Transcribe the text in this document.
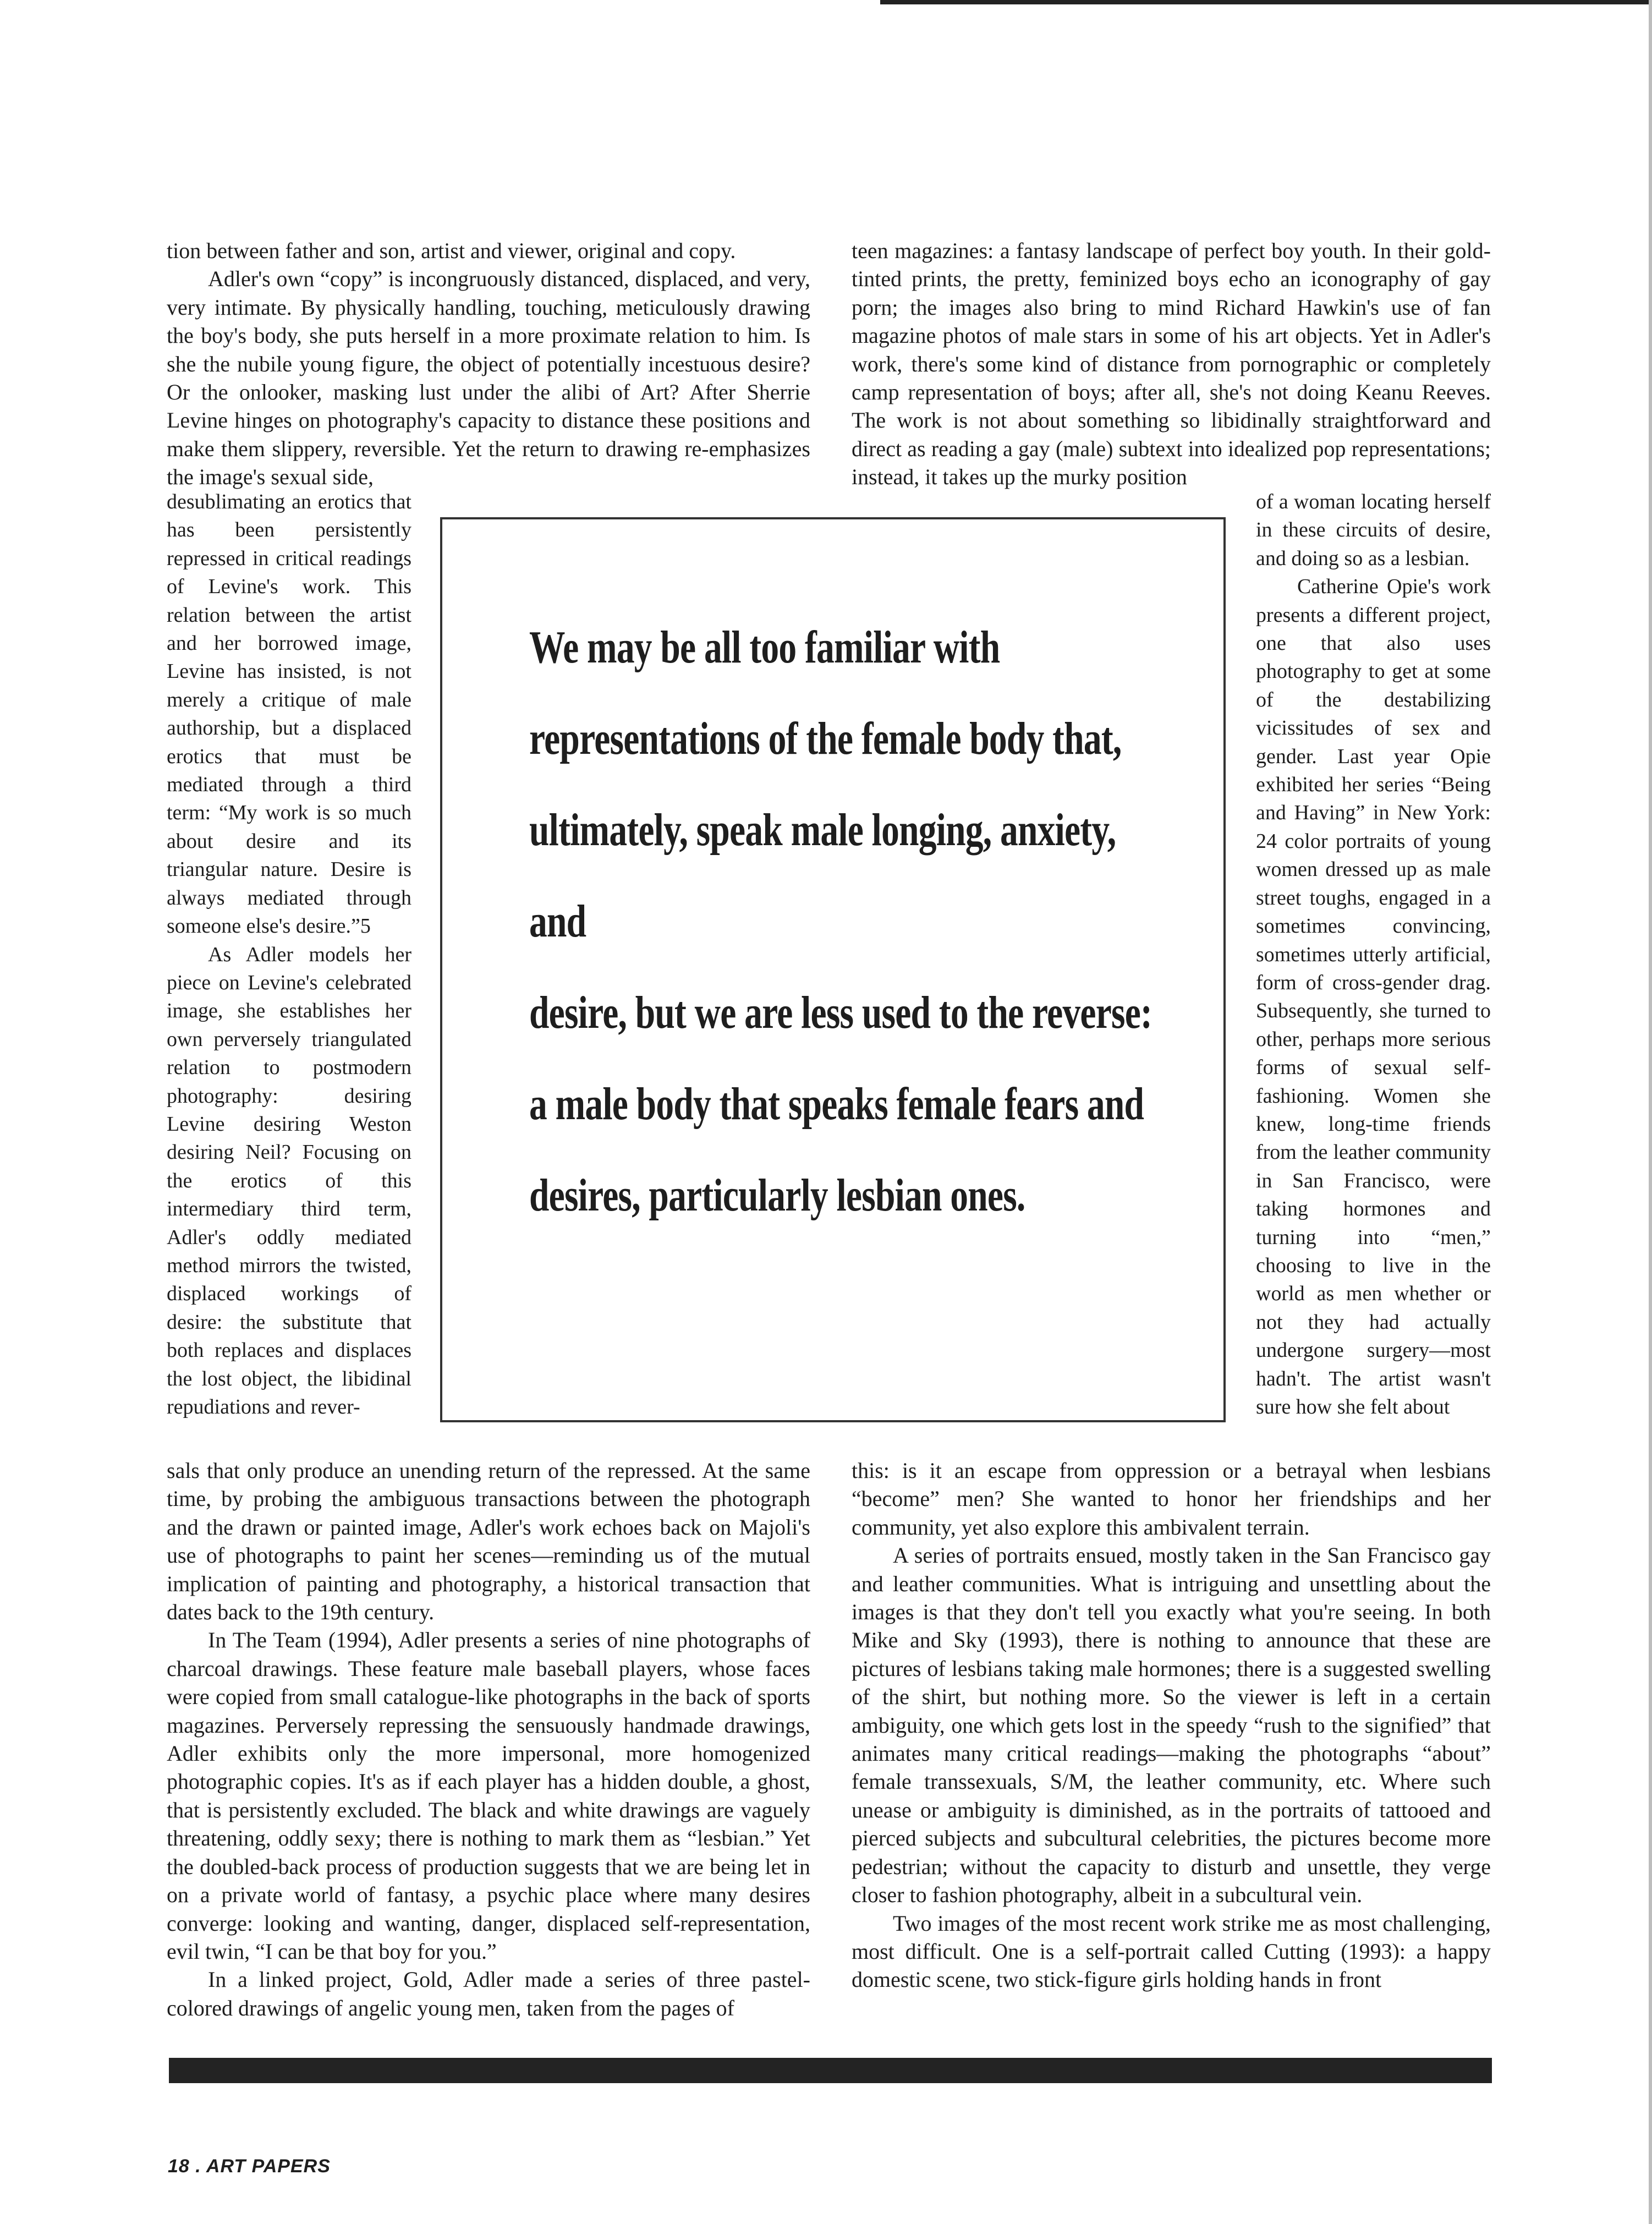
tion between father and son, artist and viewer, original and copy.

Adler's own “copy” is incongruously distanced, displaced, and very, very intimate. By physically handling, touching, meticulously drawing the boy's body, she puts herself in a more proximate relation to him. Is she the nubile young figure, the object of potentially incestuous desire? Or the onlooker, masking lust under the alibi of Art? After Sherrie Levine hinges on photography's capacity to distance these positions and make them slippery, reversible. Yet the return to drawing re-emphasizes the image's sexual side,

desublimating an erotics that has been persistently repressed in critical readings of Levine's work. This relation between the artist and her borrowed image, Levine has insisted, is not merely a critique of male authorship, but a displaced erotics that must be mediated through a third term: “My work is so much about desire and its triangular nature. Desire is always mediated through someone else's desire.”5

As Adler models her piece on Levine's celebrated image, she establishes her own perversely triangulated relation to postmodern photography: desiring Levine desiring Weston desiring Neil? Focusing on the erotics of this intermediary third term, Adler's oddly mediated method mirrors the twisted, displaced workings of desire: the substitute that both replaces and displaces the lost object, the libidinal repudiations and rever-

sals that only produce an unending return of the repressed. At the same time, by probing the ambiguous transactions between the photograph and the drawn or painted image, Adler's work echoes back on Majoli's use of photographs to paint her scenes—reminding us of the mutual implication of painting and photography, a historical transaction that dates back to the 19th century.

In The Team (1994), Adler presents a series of nine photographs of charcoal drawings. These feature male baseball players, whose faces were copied from small catalogue-like photographs in the back of sports magazines. Perversely repressing the sensuously handmade drawings, Adler exhibits only the more impersonal, more homogenized photographic copies. It's as if each player has a hidden double, a ghost, that is persistently excluded. The black and white drawings are vaguely threatening, oddly sexy; there is nothing to mark them as “lesbian.” Yet the doubled-back process of production suggests that we are being let in on a private world of fantasy, a psychic place where many desires converge: looking and wanting, danger, displaced self-representation, evil twin, “I can be that boy for you.”

In a linked project, Gold, Adler made a series of three pastel-colored drawings of angelic young men, taken from the pages of

teen magazines: a fantasy landscape of perfect boy youth. In their gold-tinted prints, the pretty, feminized boys echo an iconography of gay porn; the images also bring to mind Richard Hawkin's use of fan magazine photos of male stars in some of his art objects. Yet in Adler's work, there's some kind of distance from pornographic or completely camp representation of boys; after all, she's not doing Keanu Reeves. The work is not about something so libidinally straightforward and direct as reading a gay (male) subtext into idealized pop representations; instead, it takes up the murky position

of a woman locating herself in these circuits of desire, and doing so as a lesbian.

Catherine Opie's work presents a different project, one that also uses photography to get at some of the destabilizing vicissitudes of sex and gender. Last year Opie exhibited her series “Being and Having” in New York: 24 color portraits of young women dressed up as male street toughs, engaged in a sometimes convincing, sometimes utterly artificial, form of cross-gender drag. Subsequently, she turned to other, perhaps more serious forms of sexual self-fashioning. Women she knew, long-time friends from the leather community in San Francisco, were taking hormones and turning into “men,” choosing to live in the world as men whether or not they had actually undergone surgery—most hadn't. The artist wasn't sure how she felt about

this: is it an escape from oppression or a betrayal when lesbians “become” men? She wanted to honor her friendships and her community, yet also explore this ambivalent terrain.

A series of portraits ensued, mostly taken in the San Francisco gay and leather communities. What is intriguing and unsettling about the images is that they don't tell you exactly what you're seeing. In both Mike and Sky (1993), there is nothing to announce that these are pictures of lesbians taking male hormones; there is a suggested swelling of the shirt, but nothing more. So the viewer is left in a certain ambiguity, one which gets lost in the speedy “rush to the signified” that animates many critical readings—making the photographs “about” female transsexuals, S/M, the leather community, etc. Where such unease or ambiguity is diminished, as in the portraits of tattooed and pierced subjects and subcultural celebrities, the pictures become more pedestrian; without the capacity to disturb and unsettle, they verge closer to fashion photography, albeit in a subcultural vein.

Two images of the most recent work strike me as most challenging, most difficult. One is a self-portrait called Cutting (1993): a happy domestic scene, two stick-figure girls holding hands in front

We may be all too familiar with
representations of the female body that,
ultimately, speak male longing, anxiety, and
desire, but we are less used to the reverse:
a male body that speaks female fears and
desires, particularly lesbian ones.
18 . ART PAPERS
